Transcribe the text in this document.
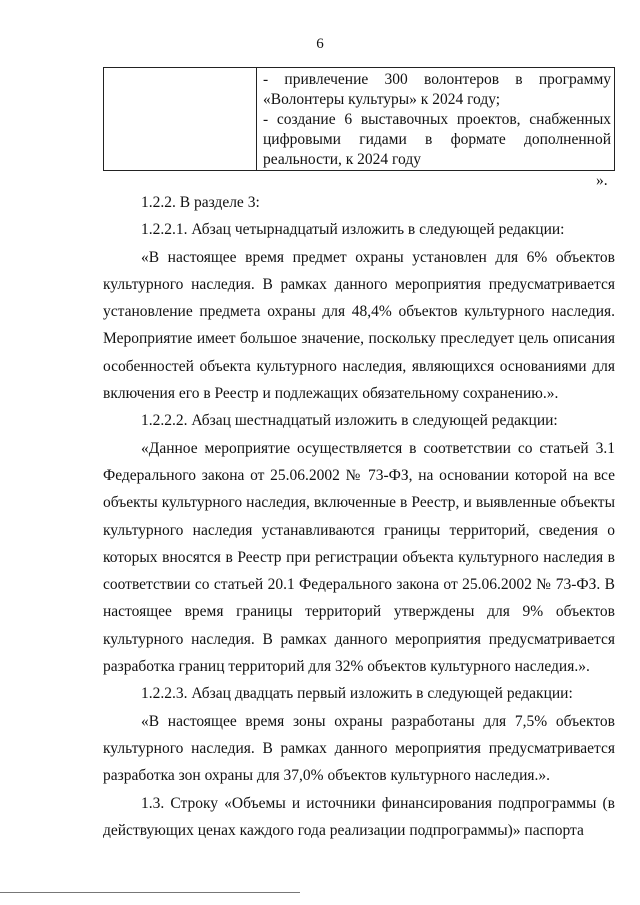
6

- привлечение 300 волонтеров в программу «Волонтеры культуры» к 2024 году;

- создание 6 выставочных проектов, снабженных цифровыми гидами в формате дополненной реальности, к 2024 году

».

1.2.2. В разделе 3:

1.2.2.1. Абзац четырнадцатый изложить в следующей редакции:

«В настоящее время предмет охраны установлен для 6% объектов культурного наследия. В рамках данного мероприятия предусматривается установление предмета охраны для 48,4% объектов культурного наследия. Мероприятие имеет большое значение, поскольку преследует цель описания особенностей объекта культурного наследия, являющихся основаниями для включения его в Реестр и подлежащих обязательному сохранению.».

1.2.2.2. Абзац шестнадцатый изложить в следующей редакции:

«Данное мероприятие осуществляется в соответствии со статьей 3.1 Федерального закона от 25.06.2002 № 73-ФЗ, на основании которой на все объекты культурного наследия, включенные в Реестр, и выявленные объекты культурного наследия устанавливаются границы территорий, сведения о которых вносятся в Реестр при регистрации объекта культурного наследия в соответствии со статьей 20.1 Федерального закона от 25.06.2002 № 73-ФЗ. В настоящее время границы территорий утверждены для 9% объектов культурного наследия. В рамках данного мероприятия предусматривается разработка границ территорий для 32% объектов культурного наследия.».

1.2.2.3. Абзац двадцать первый изложить в следующей редакции:

«В настоящее время зоны охраны разработаны для 7,5% объектов культурного наследия. В рамках данного мероприятия предусматривается разработка зон охраны для 37,0% объектов культурного наследия.».

1.3. Строку «Объемы и источники финансирования подпрограммы (в действующих ценах каждого года реализации подпрограммы)» паспорта
